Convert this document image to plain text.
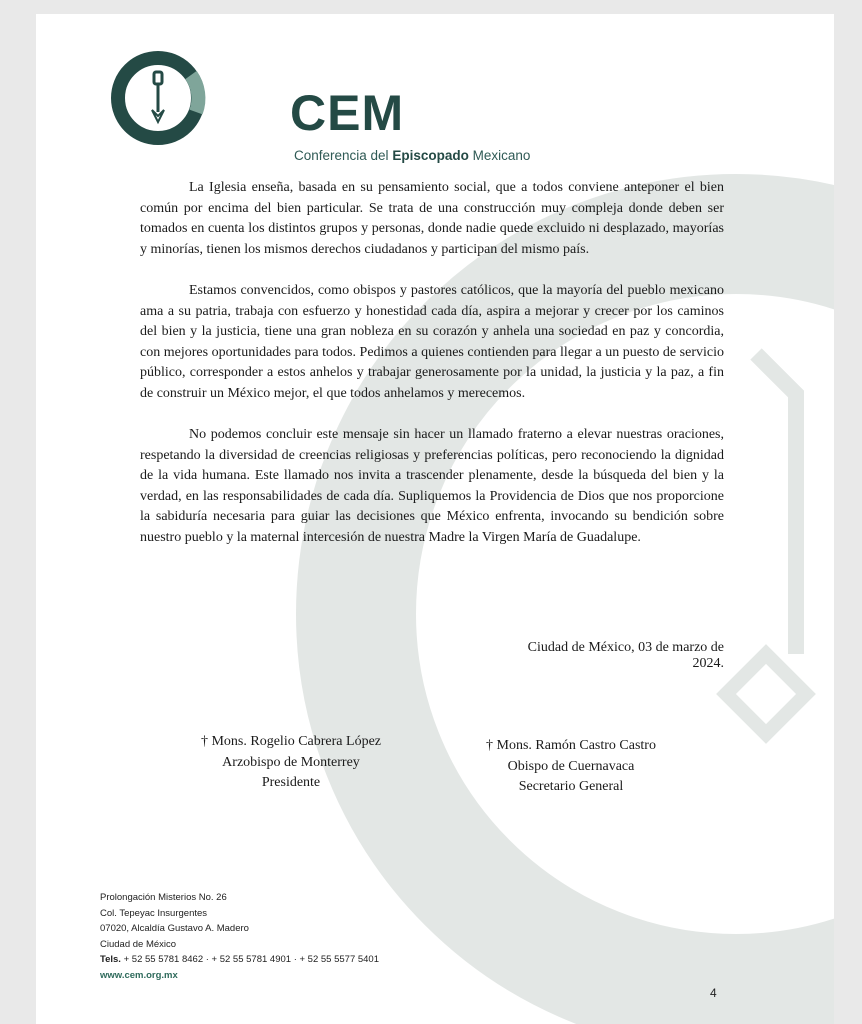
CEM
Conferencia del Episcopado Mexicano

La Iglesia enseña, basada en su pensamiento social, que a todos conviene anteponer el bien común por encima del bien particular. Se trata de una construcción muy compleja donde deben ser tomados en cuenta los distintos grupos y personas, donde nadie quede excluido ni desplazado, mayorías y minorías, tienen los mismos derechos ciudadanos y participan del mismo país.

Estamos convencidos, como obispos y pastores católicos, que la mayoría del pueblo mexicano ama a su patria, trabaja con esfuerzo y honestidad cada día, aspira a mejorar y crecer por los caminos del bien y la justicia, tiene una gran nobleza en su corazón y anhela una sociedad en paz y concordia, con mejores oportunidades para todos. Pedimos a quienes contienden para llegar a un puesto de servicio público, corresponder a estos anhelos y trabajar generosamente por la unidad, la justicia y la paz, a fin de construir un México mejor, el que todos anhelamos y merecemos.

No podemos concluir este mensaje sin hacer un llamado fraterno a elevar nuestras oraciones, respetando la diversidad de creencias religiosas y preferencias políticas, pero reconociendo la dignidad de la vida humana. Este llamado nos invita a trascender plenamente, desde la búsqueda del bien y la verdad, en las responsabilidades de cada día. Supliquemos la Providencia de Dios que nos proporcione la sabiduría necesaria para guiar las decisiones que México enfrenta, invocando su bendición sobre nuestro pueblo y la maternal intercesión de nuestra Madre la Virgen María de Guadalupe.

Ciudad de México, 03 de marzo de 2024.
† Mons. Rogelio Cabrera López
Arzobispo de Monterrey
Presidente
† Mons. Ramón Castro Castro
Obispo de Cuernavaca
Secretario General
Prolongación Misterios No. 26
Col. Tepeyac Insurgentes
07020, Alcaldía Gustavo A. Madero
Ciudad de México
Tels. + 52 55 5781 8462 · + 52 55 5781 4901 · + 52 55 5577 5401
www.cem.org.mx
4
